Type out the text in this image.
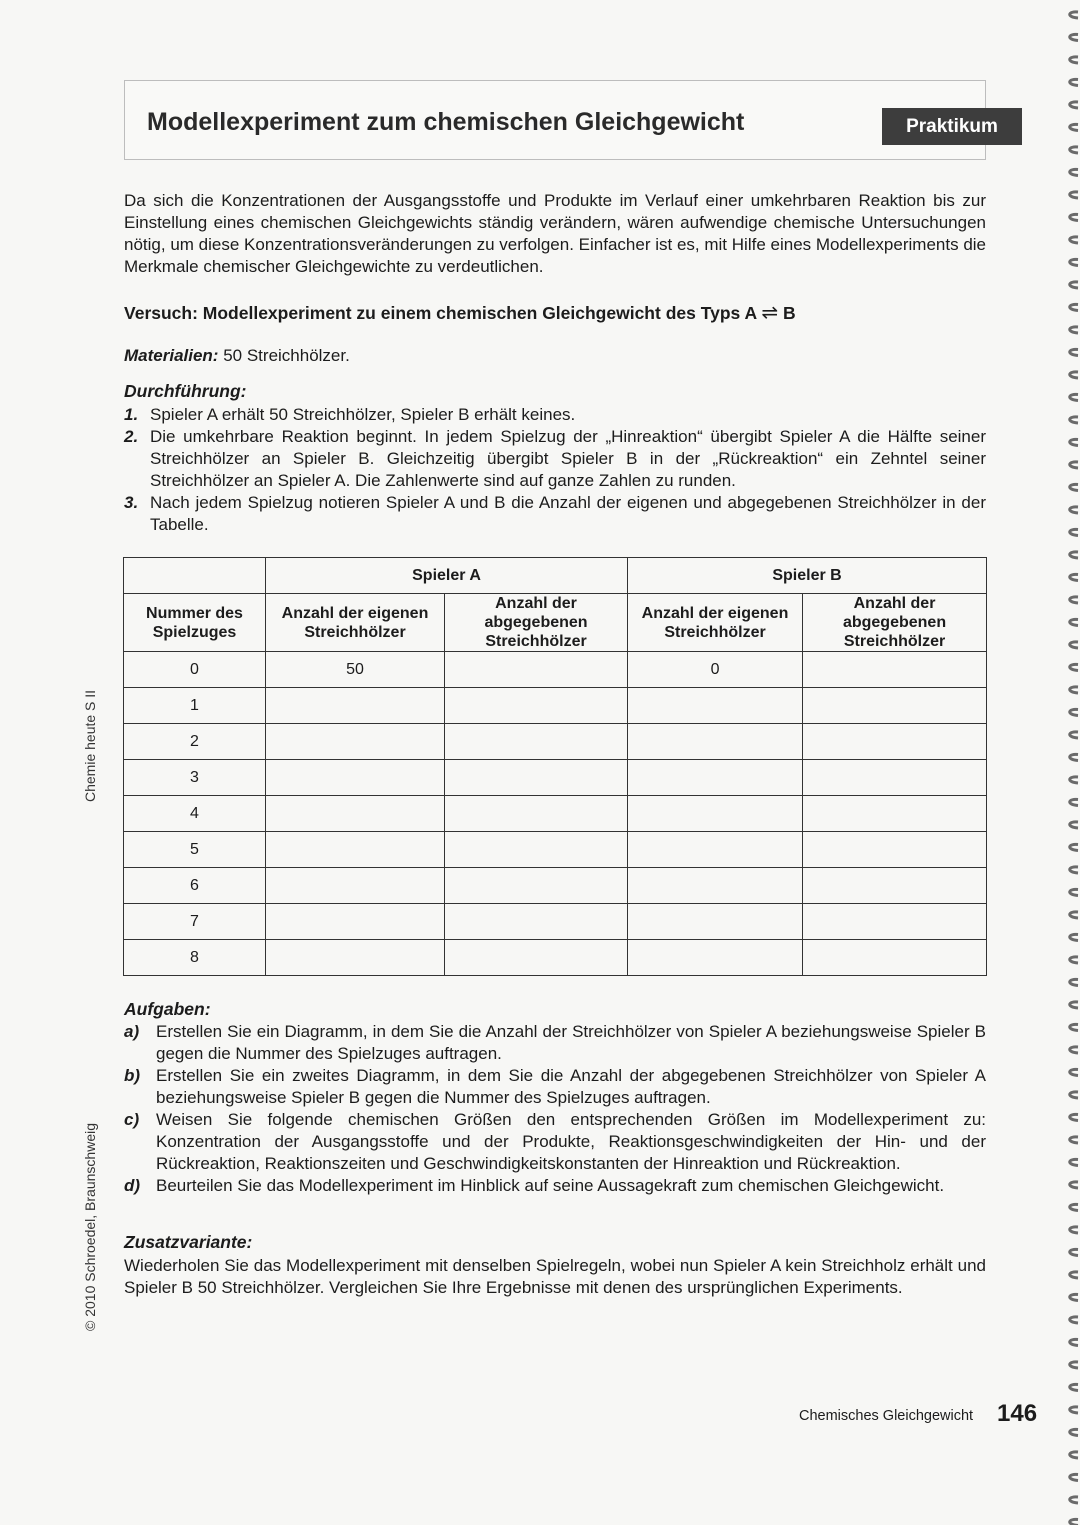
Modellexperiment zum chemischen Gleichgewicht	Praktikum
Da sich die Konzentrationen der Ausgangsstoffe und Produkte im Verlauf einer umkehrbaren Reaktion bis zur Einstellung eines chemischen Gleichgewichts ständig verändern, wären aufwendige chemische Untersuchungen nötig, um diese Konzentrationsveränderungen zu verfolgen. Einfacher ist es, mit Hilfe eines Modellexperiments die Merkmale chemischer Gleichgewichte zu verdeutlichen.
Versuch: Modellexperiment zu einem chemischen Gleichgewicht des Typs A ⇌ B
Materialien: 50 Streichhölzer.
Durchführung:
1. Spieler A erhält 50 Streichhölzer, Spieler B erhält keines.
2. Die umkehrbare Reaktion beginnt. In jedem Spielzug der „Hinreaktion“ übergibt Spieler A die Hälfte seiner Streichhölzer an Spieler B. Gleichzeitig übergibt Spieler B in der „Rückreaktion“ ein Zehntel seiner Streichhölzer an Spieler A. Die Zahlenwerte sind auf ganze Zahlen zu runden.
3. Nach jedem Spielzug notieren Spieler A und B die Anzahl der eigenen und abgegebenen Streichhölzer in der Tabelle.
	Spieler A		Spieler B	
Nummer des Spielzuges	Anzahl der eigenen Streichhölzer	Anzahl der abgegebenen Streichhölzer	Anzahl der eigenen Streichhölzer	Anzahl der abgegebenen Streichhölzer
0	50		0	
1				
2				
3				
4				
5				
6				
7				
8				
Aufgaben:
a) Erstellen Sie ein Diagramm, in dem Sie die Anzahl der Streichhölzer von Spieler A beziehungsweise Spieler B gegen die Nummer des Spielzuges auftragen.
b) Erstellen Sie ein zweites Diagramm, in dem Sie die Anzahl der abgegebenen Streichhölzer von Spieler A beziehungsweise Spieler B gegen die Nummer des Spielzuges auftragen.
c) Weisen Sie folgende chemischen Größen den entsprechenden Größen im Modellexperiment zu: Konzentration der Ausgangsstoffe und der Produkte, Reaktionsgeschwindigkeiten der Hin- und der Rückreaktion, Reaktionszeiten und Geschwindigkeitskonstanten der Hinreaktion und Rückreaktion.
d) Beurteilen Sie das Modellexperiment im Hinblick auf seine Aussagekraft zum chemischen Gleichgewicht.
Zusatzvariante:
Wiederholen Sie das Modellexperiment mit denselben Spielregeln, wobei nun Spieler A kein Streichholz erhält und Spieler B 50 Streichhölzer. Vergleichen Sie Ihre Ergebnisse mit denen des ursprünglichen Experiments.
Chemie heute S II
© 2010 Schroedel, Braunschweig
Chemisches Gleichgewicht 146
